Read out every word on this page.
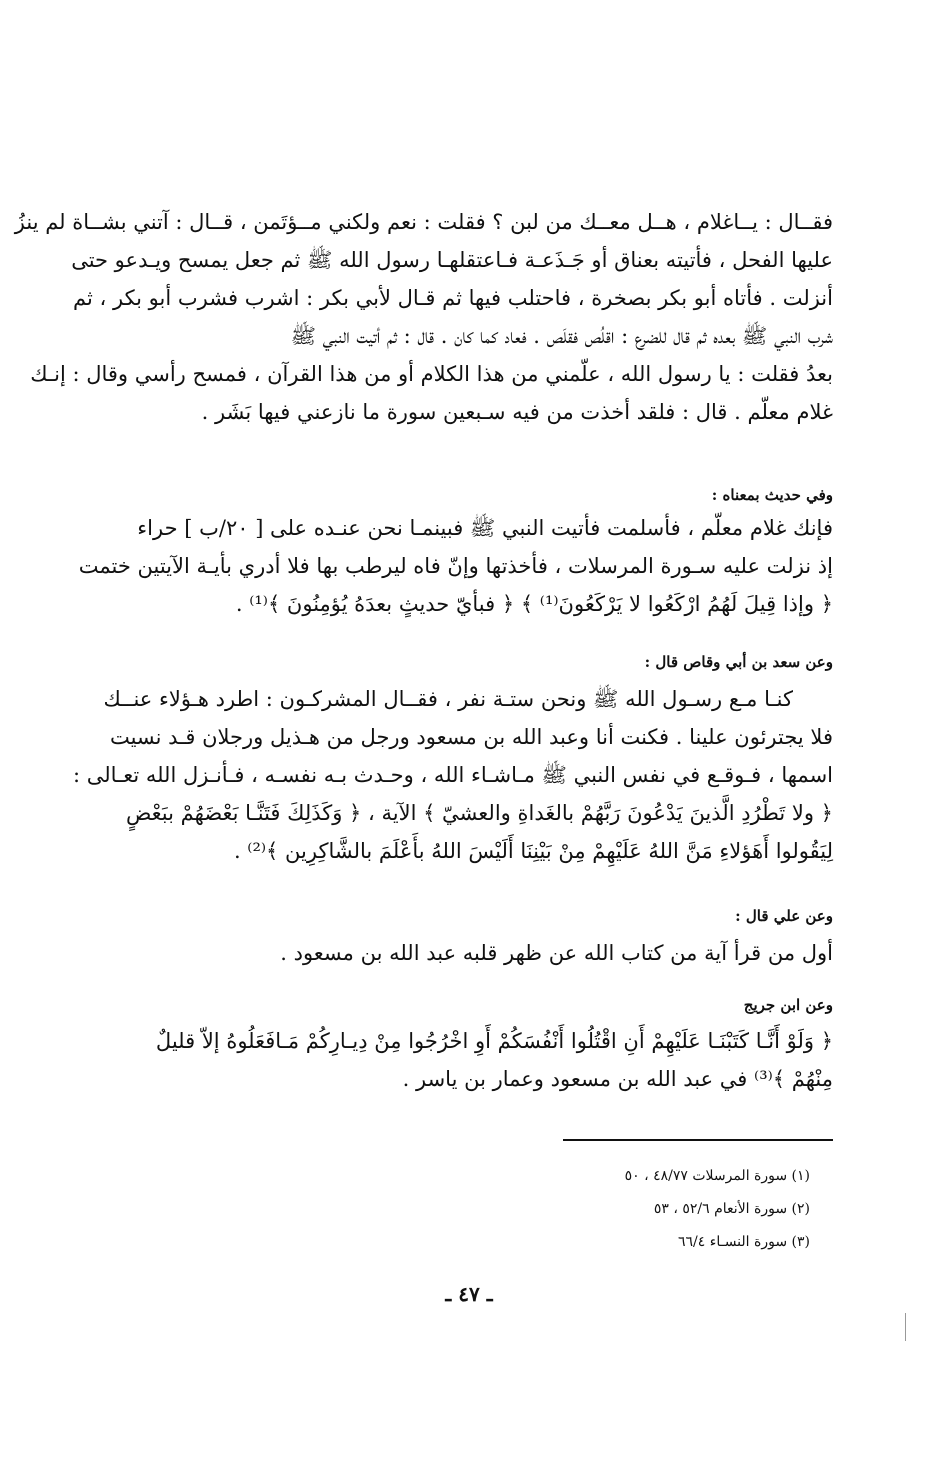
فقــال : يــاغلام ، هــل معــك من لبن ؟ فقلت : نعم ولكني مــؤتَمن ، قــال : آتني بشــاة لم ينزُ
عليها الفحل ، فأتيته بعناق أو جَـذَعـة فـاعتقلهـا رسول الله ﷺ ثم جعل يمسح ويـدعو حتى
أنزلت . فأتاه أبو بكر بصخرة ، فاحتلب فيها ثم قـال لأبي بكر : اشرب فشرب أبو بكر ، ثم
شرب النبي ﷺ بعده ثم قال للضرع : اقلُص فقلَص . فعاد كما كان . قال : ثم أتيت النبي ﷺ
بعدُ فقلت : يا رسول الله ، علّمني من هذا الكلام أو من هذا القرآن ، فمسح رأسي وقال : إنـك
غلام معلّم . قال : فلقد أخذت من فيه سـبعين سورة ما نازعني فيها بَشَر .
وفي حديث بمعناه :
فإنك غلام معلّم ، فأسلمت فأتيت النبي ﷺ فبينمـا نحن عنـده على [ ٢٠/ب ] حراء
إذ نزلت عليه سـورة المرسلات ، فأخذتها وإنّ فاه ليرطب بها فلا أدري بأيـة الآيتين ختمت
﴿ وإذا قِيلَ لَهُمُ ارْكَعُوا لا يَرْكَعُونَ⁽¹⁾ ﴾ ﴿ فبأيّ حديثٍ بعدَهُ يُؤمِنُونَ ﴾⁽¹⁾ .
وعن سعد بن أبي وقاص قال :
كنـا مـع رسـول الله ﷺ ونحن ستـة نفر ، فقــال المشركـون : اطرد هـؤلاء عنــك
فلا يجترئون علينا . فكنت أنا وعبد الله بن مسعود ورجل من هـذيل ورجلان قـد نسيت
اسمها ، فـوقـع في نفس النبي ﷺ مـاشـاء الله ، وحـدث بـه نفسـه ، فـأنـزل الله تعـالى :
﴿ ولا تَطْرُدِ الَّذينَ يَدْعُونَ رَبَّهُمْ بالغَداةِ والعشيّ ﴾ الآية ، ﴿ وَكَذَلِكَ فَتَنَّـا بَعْضَهُمْ ببَعْضٍ
لِيَقُولوا أَهَؤلاءِ مَنَّ اللهُ عَلَيْهِمْ مِنْ بَيْنِنَا أَلَيْسَ اللهُ بأَعْلَمَ بالشَّاكِرِين ﴾⁽²⁾ .
وعن علي قال :
أول من قرأ آية من كتاب الله عن ظهر قلبه عبد الله بن مسعود .
وعن ابن جريج
﴿ وَلَوْ أَنَّـا كَتَبْنَـا عَلَيْهِمْ أَنِ اقْتُلُوا أَنْفُسَكُمْ أَوِ اخْرُجُوا مِنْ دِيـارِكُمْ مَـافَعَلُوهُ إلاّ قليلٌ
مِنْهُمْ ﴾⁽³⁾ في عبد الله بن مسعود وعمار بن ياسر .
(١) سورة المرسلات ٤٨/٧٧ ، ٥٠
(٢) سورة الأنعام ٥٢/٦ ، ٥٣
(٣) سورة النسـاء ٦٦/٤
ـ ٤٧ ـ
